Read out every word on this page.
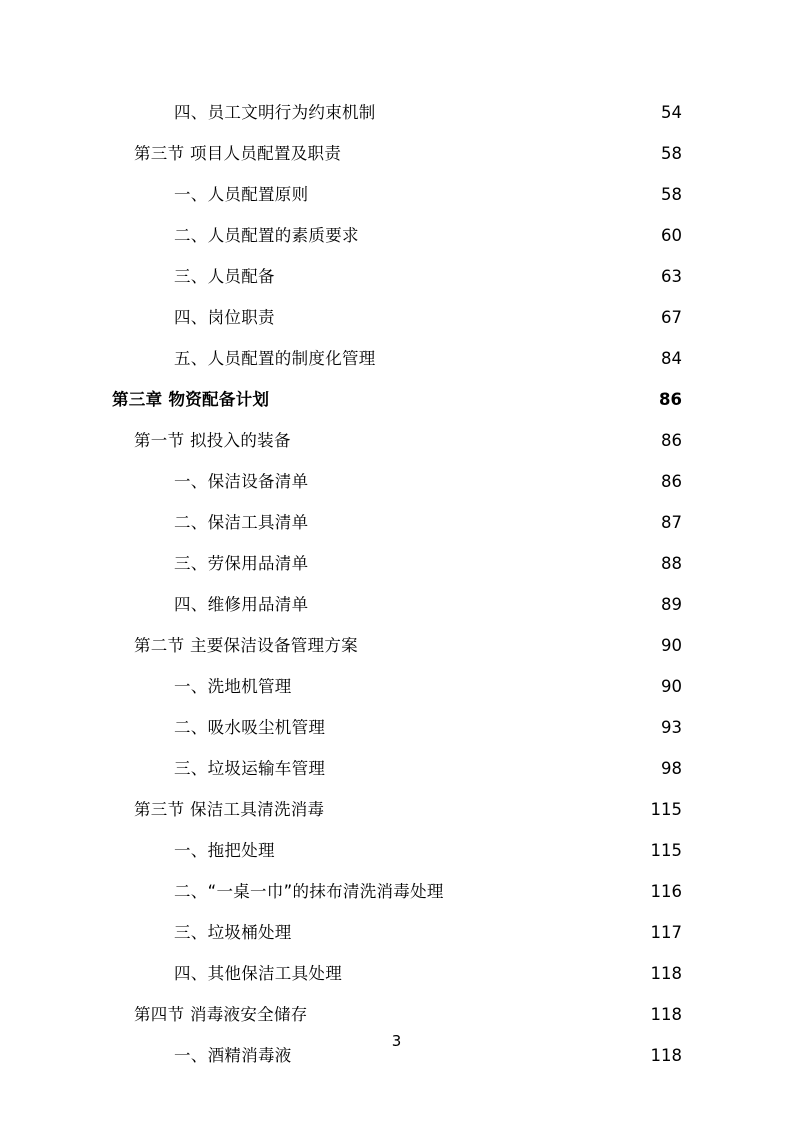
四、员工文明行为约束机制 . . .	54
第三节 项目人员配置及职责 . . .	58
一、人员配置原则 . . .	58
二、人员配置的素质要求 . . .	60
三、人员配备 . . .	63
四、岗位职责 . . .	67
五、人员配置的制度化管理 . . .	84
第三章 物资配备计划 . . .	86
第一节 拟投入的装备 . . .	86
一、保洁设备清单 . . .	86
二、保洁工具清单 . . .	87
三、劳保用品清单 . . .	88
四、维修用品清单 . . .	89
第二节 主要保洁设备管理方案 . . .	90
一、洗地机管理 . . .	90
二、吸水吸尘机管理 . . .	93
三、垃圾运输车管理 . . .	98
第三节 保洁工具清洗消毒 . . .	115
一、拖把处理 . . .	115
二、“一桌一巾”的抹布清洗消毒处理 . . .	116
三、垃圾桶处理 . . .	117
四、其他保洁工具处理 . . .	118
第四节 消毒液安全储存 . . .	118
一、酒精消毒液 . . .	118
3
